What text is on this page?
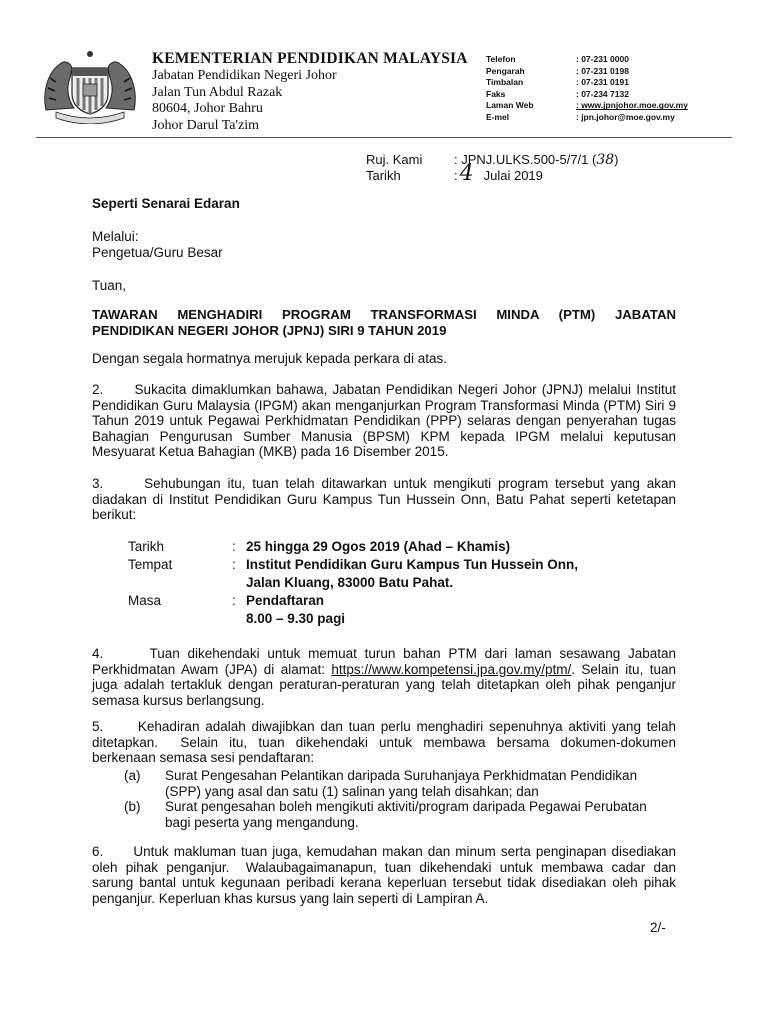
KEMENTERIAN PENDIDIKAN MALAYSIA
Jabatan Pendidikan Negeri Johor
Jalan Tun Abdul Razak
80604, Johor Bahru
Johor Darul Ta'zim
Telefon	: 07-231 0000
Pengarah	: 07-231 0198
Timbalan	: 07-231 0191
Faks	: 07-234 7132
Laman Web	: www.jpnjohor.moe.gov.my
E-mel	: jpn.johor@moe.gov.my
Ruj. Kami	: JPNJ.ULKS.500-5/7/1 (38)
Tarikh	:4 Julai 2019
Seperti Senarai Edaran
Melalui:
Pengetua/Guru Besar
Tuan,
TAWARAN MENGHADIRI PROGRAM TRANSFORMASI MINDA (PTM) JABATAN
PENDIDIKAN NEGERI JOHOR (JPNJ) SIRI 9 TAHUN 2019
Dengan segala hormatnya merujuk kepada perkara di atas.
2.      Sukacita dimaklumkan bahawa, Jabatan Pendidikan Negeri Johor (JPNJ) melalui Institut Pendidikan Guru Malaysia (IPGM) akan menganjurkan Program Transformasi Minda (PTM) Siri 9 Tahun 2019 untuk Pegawai Perkhidmatan Pendidikan (PPP) selaras dengan penyerahan tugas Bahagian Pengurusan Sumber Manusia (BPSM) KPM kepada IPGM melalui keputusan Mesyuarat Ketua Bahagian (MKB) pada 16 Disember 2015.
3.      Sehubungan itu, tuan telah ditawarkan untuk mengikuti program tersebut yang akan diadakan di Institut Pendidikan Guru Kampus Tun Hussein Onn, Batu Pahat seperti ketetapan berikut:
Tarikh	: 25 hingga 29 Ogos 2019 (Ahad – Khamis)
Tempat	: Institut Pendidikan Guru Kampus Tun Hussein Onn,
Jalan Kluang, 83000 Batu Pahat.
Masa	: Pendaftaran
8.00 – 9.30 pagi
4.      Tuan dikehendaki untuk memuat turun bahan PTM dari laman sesawang Jabatan Perkhidmatan Awam (JPA) di alamat: https://www.kompetensi.jpa.gov.my/ptm/. Selain itu, tuan juga adalah tertakluk dengan peraturan-peraturan yang telah ditetapkan oleh pihak penganjur semasa kursus berlangsung.
5.      Kehadiran adalah diwajibkan dan tuan perlu menghadiri sepenuhnya aktiviti yang telah ditetapkan.  Selain itu, tuan dikehendaki untuk membawa bersama dokumen-dokumen berkenaan semasa sesi pendaftaran:
(a)	Surat Pengesahan Pelantikan daripada Suruhanjaya Perkhidmatan Pendidikan (SPP) yang asal dan satu (1) salinan yang telah disahkan; dan
(b)	Surat pengesahan boleh mengikuti aktiviti/program daripada Pegawai Perubatan bagi peserta yang mengandung.
6.      Untuk makluman tuan juga, kemudahan makan dan minum serta penginapan disediakan oleh pihak penganjur.  Walaubagaimanapun, tuan dikehendaki untuk membawa cadar dan sarung bantal untuk kegunaan peribadi kerana keperluan tersebut tidak disediakan oleh pihak penganjur. Keperluan khas kursus yang lain seperti di Lampiran A.
2/-
